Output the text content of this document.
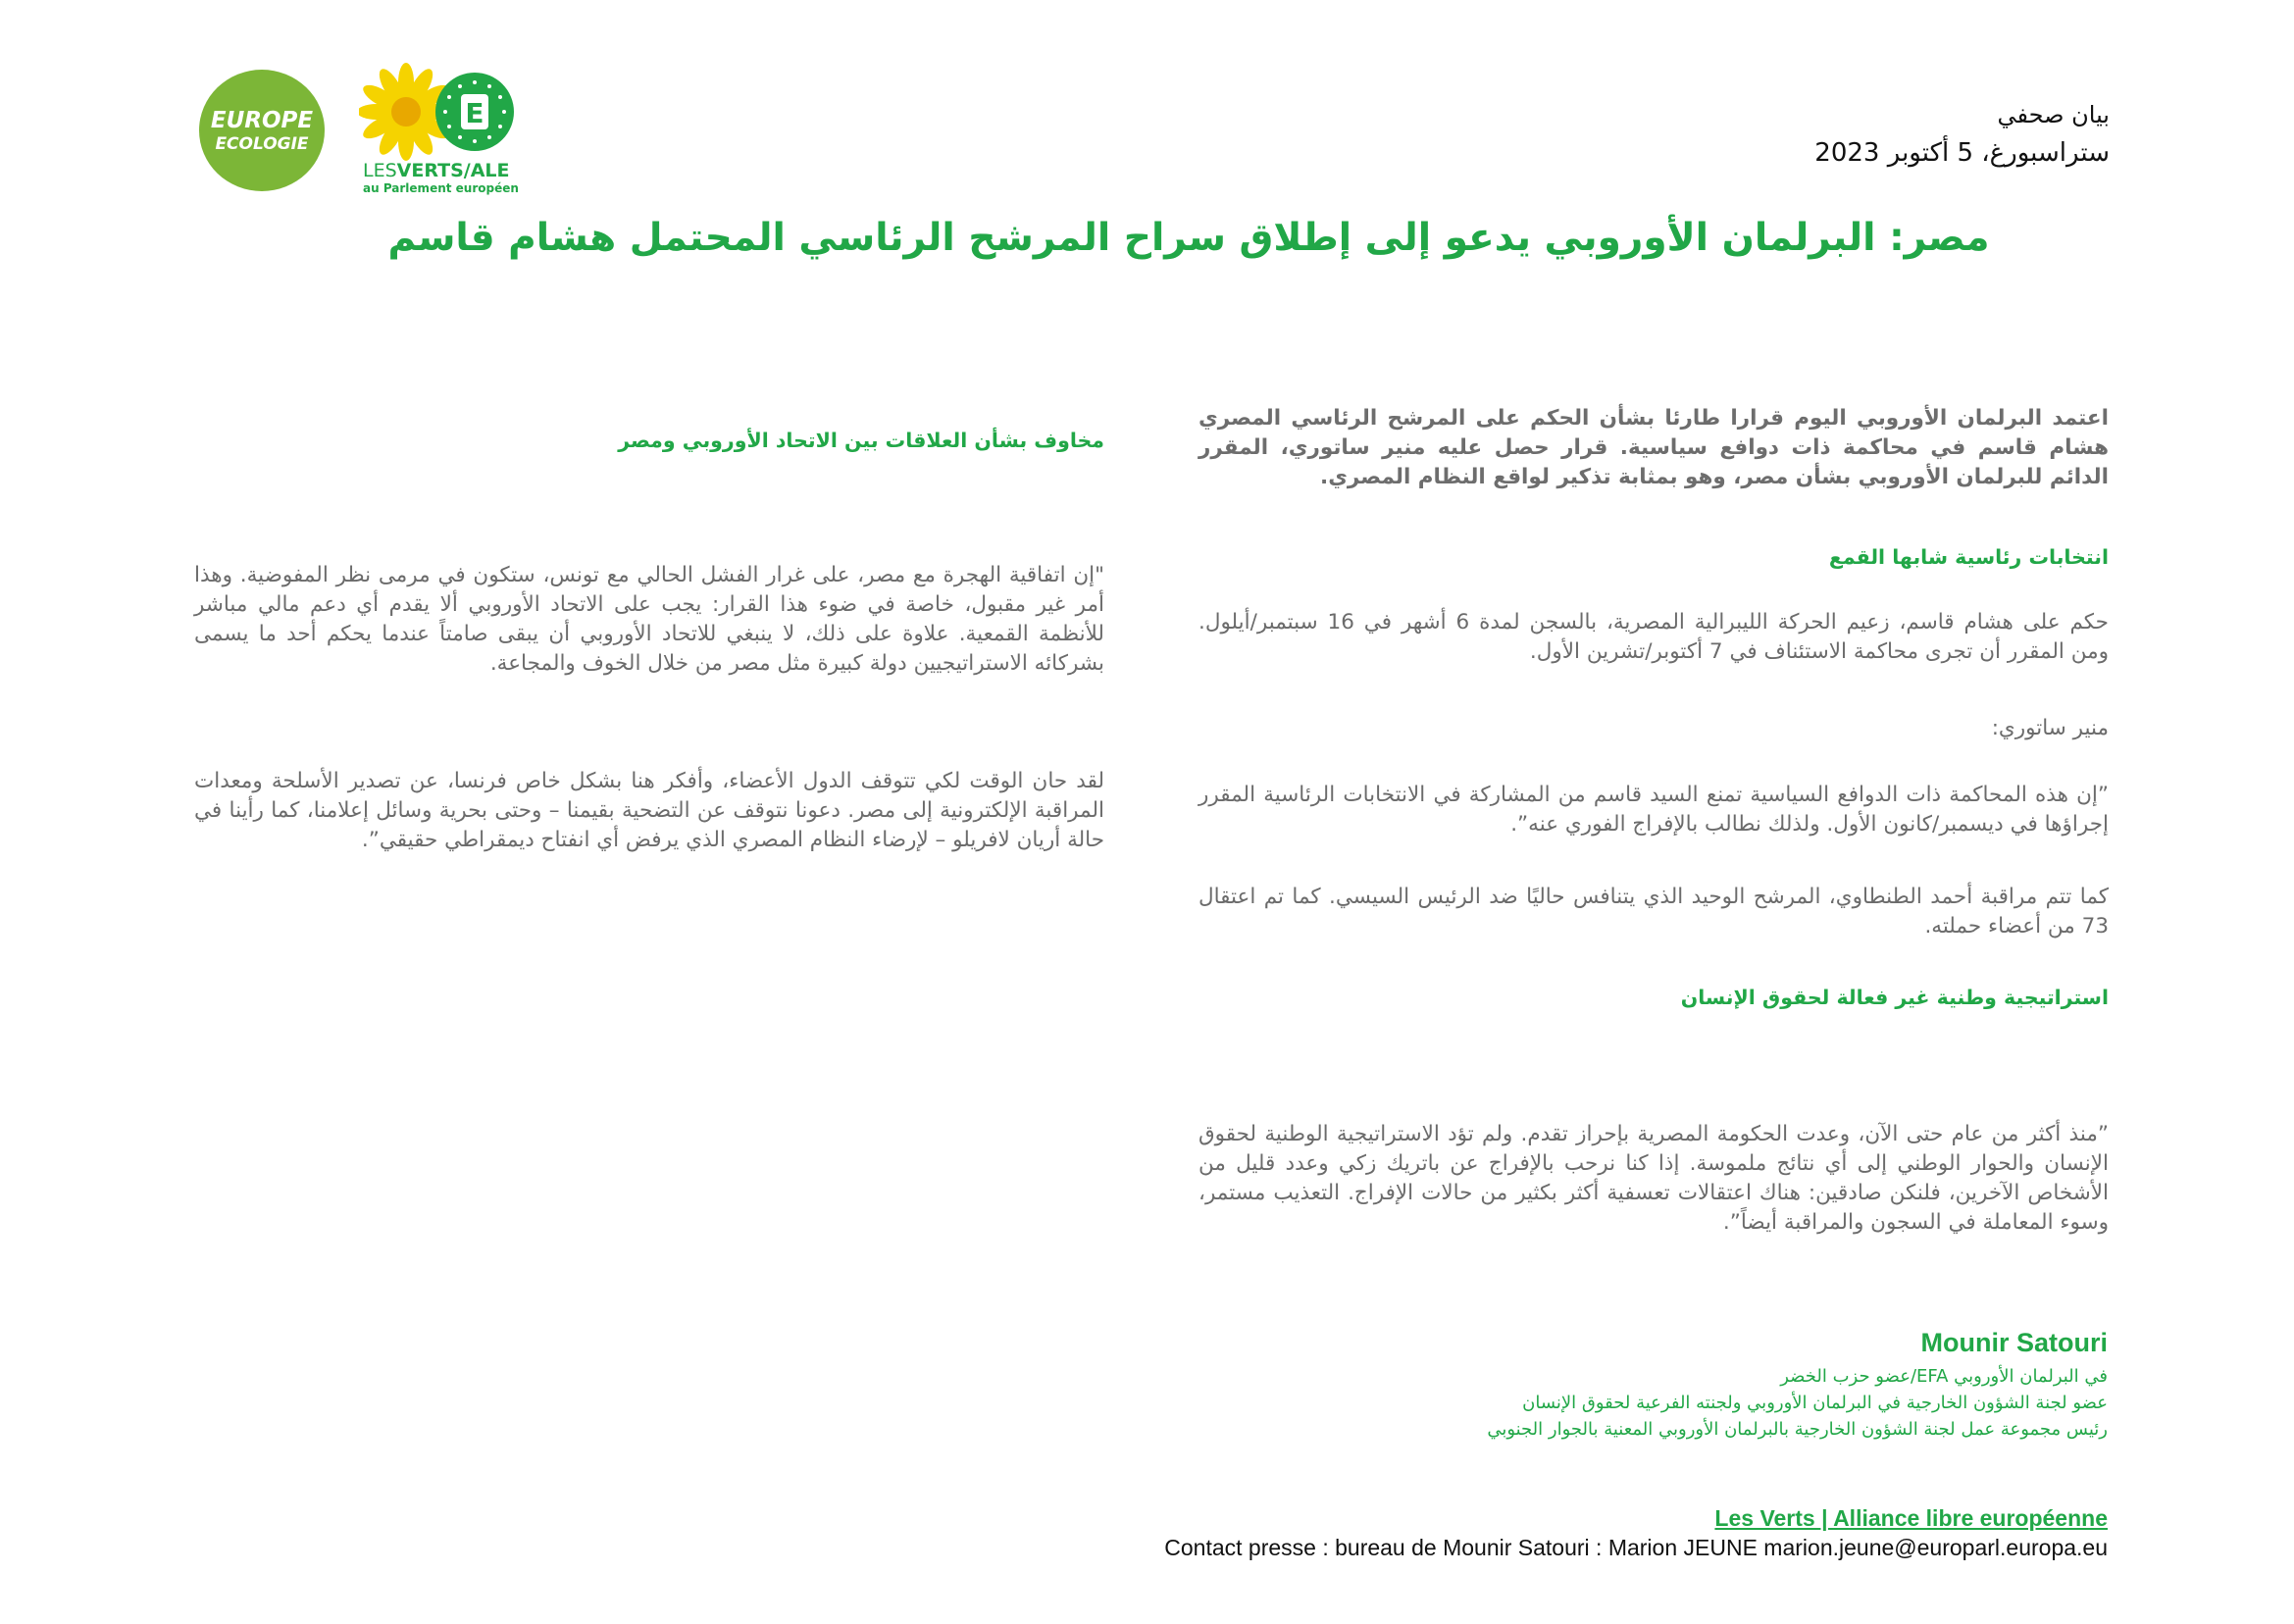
EUROPE
ECOLOGIE
E
LESVERTS/ALE
au Parlement européen
بيان صحفي
ستراسبورغ، 5 أكتوبر 2023
مصر: البرلمان الأوروبي يدعو إلى إطلاق سراح المرشح الرئاسي المحتمل هشام قاسم

اعتمد البرلمان الأوروبي اليوم قرارا طارئا بشأن الحكم على المرشح الرئاسي المصري هشام قاسم في محاكمة ذات دوافع سياسية. قرار حصل عليه منير ساتوري، المقرر الدائم للبرلمان الأوروبي بشأن مصر، وهو بمثابة تذكير لواقع النظام المصري.

انتخابات رئاسية شابها القمع

حكم على هشام قاسم، زعيم الحركة الليبرالية المصرية، بالسجن لمدة 6 أشهر في 16 سبتمبر/أيلول. ومن المقرر أن تجرى محاكمة الاستئناف في 7 أكتوبر/تشرين الأول.

منير ساتوري:

”إن هذه المحاكمة ذات الدوافع السياسية تمنع السيد قاسم من المشاركة في الانتخابات الرئاسية المقرر إجراؤها في ديسمبر/كانون الأول. ولذلك نطالب بالإفراج الفوري عنه”.

كما تتم مراقبة أحمد الطنطاوي، المرشح الوحيد الذي يتنافس حاليًا ضد الرئيس السيسي. كما تم اعتقال 73 من أعضاء حملته.

استراتيجية وطنية غير فعالة لحقوق الإنسان

”منذ أكثر من عام حتى الآن، وعدت الحكومة المصرية بإحراز تقدم. ولم تؤد الاستراتيجية الوطنية لحقوق الإنسان والحوار الوطني إلى أي نتائج ملموسة. إذا كنا نرحب بالإفراج عن باتريك زكي وعدد قليل من الأشخاص الآخرين، فلنكن صادقين: هناك اعتقالات تعسفية أكثر بكثير من حالات الإفراج. التعذيب مستمر، وسوء المعاملة في السجون والمراقبة أيضاً”.

مخاوف بشأن العلاقات بين الاتحاد الأوروبي ومصر

"إن اتفاقية الهجرة مع مصر، على غرار الفشل الحالي مع تونس، ستكون في مرمى نظر المفوضية. وهذا أمر غير مقبول، خاصة في ضوء هذا القرار: يجب على الاتحاد الأوروبي ألا يقدم أي دعم مالي مباشر للأنظمة القمعية. علاوة على ذلك، لا ينبغي للاتحاد الأوروبي أن يبقى صامتاً عندما يحكم أحد ما يسمى بشركائه الاستراتيجيين دولة كبيرة مثل مصر من خلال الخوف والمجاعة.

لقد حان الوقت لكي تتوقف الدول الأعضاء، وأفكر هنا بشكل خاص فرنسا، عن تصدير الأسلحة ومعدات المراقبة الإلكترونية إلى مصر. دعونا نتوقف عن التضحية بقيمنا – وحتى بحرية وسائل إعلامنا، كما رأينا في حالة أريان لافريلو – لإرضاء النظام المصري الذي يرفض أي انفتاح ديمقراطي حقيقي”.

Mounir Satouri
في البرلمان الأوروبي EFA/عضو حزب الخضر
عضو لجنة الشؤون الخارجية في البرلمان الأوروبي ولجنته الفرعية لحقوق الإنسان
رئيس مجموعة عمل لجنة الشؤون الخارجية بالبرلمان الأوروبي المعنية بالجوار الجنوبي
Les Verts | Alliance libre européenne
Contact presse : bureau de Mounir Satouri : Marion JEUNE marion.jeune@europarl.europa.eu
